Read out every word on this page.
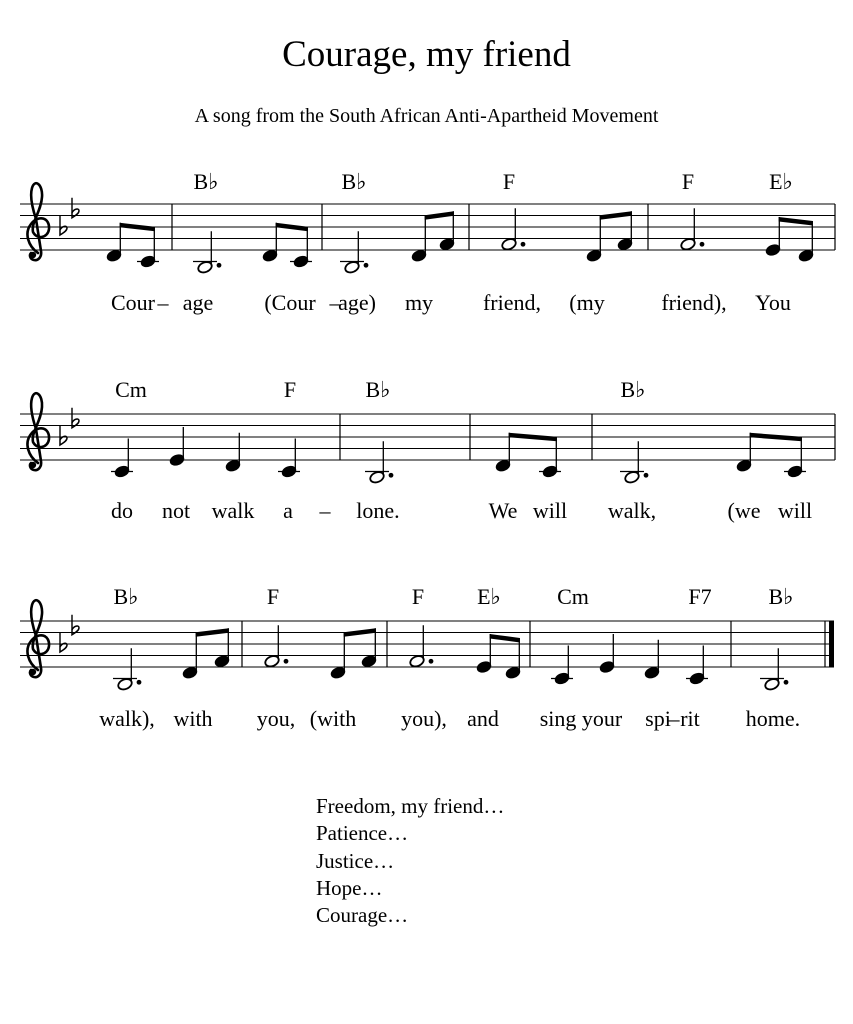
Courage, my friend
A song from the South African Anti-Apartheid Movement
B♭	B♭	F	F	E♭
Cour – age (Cour –
age) my friend, (my	friend), You
Cm	F	B♭	B♭
do not walk a – lone.	We will walk,	(we will
B♭	F	F E♭	Cm	F7	B♭
walk), with you, (with you), and sing your spi
– rit home.
Freedom, my friend…
Patience…
Justice…
Hope…
Courage…
